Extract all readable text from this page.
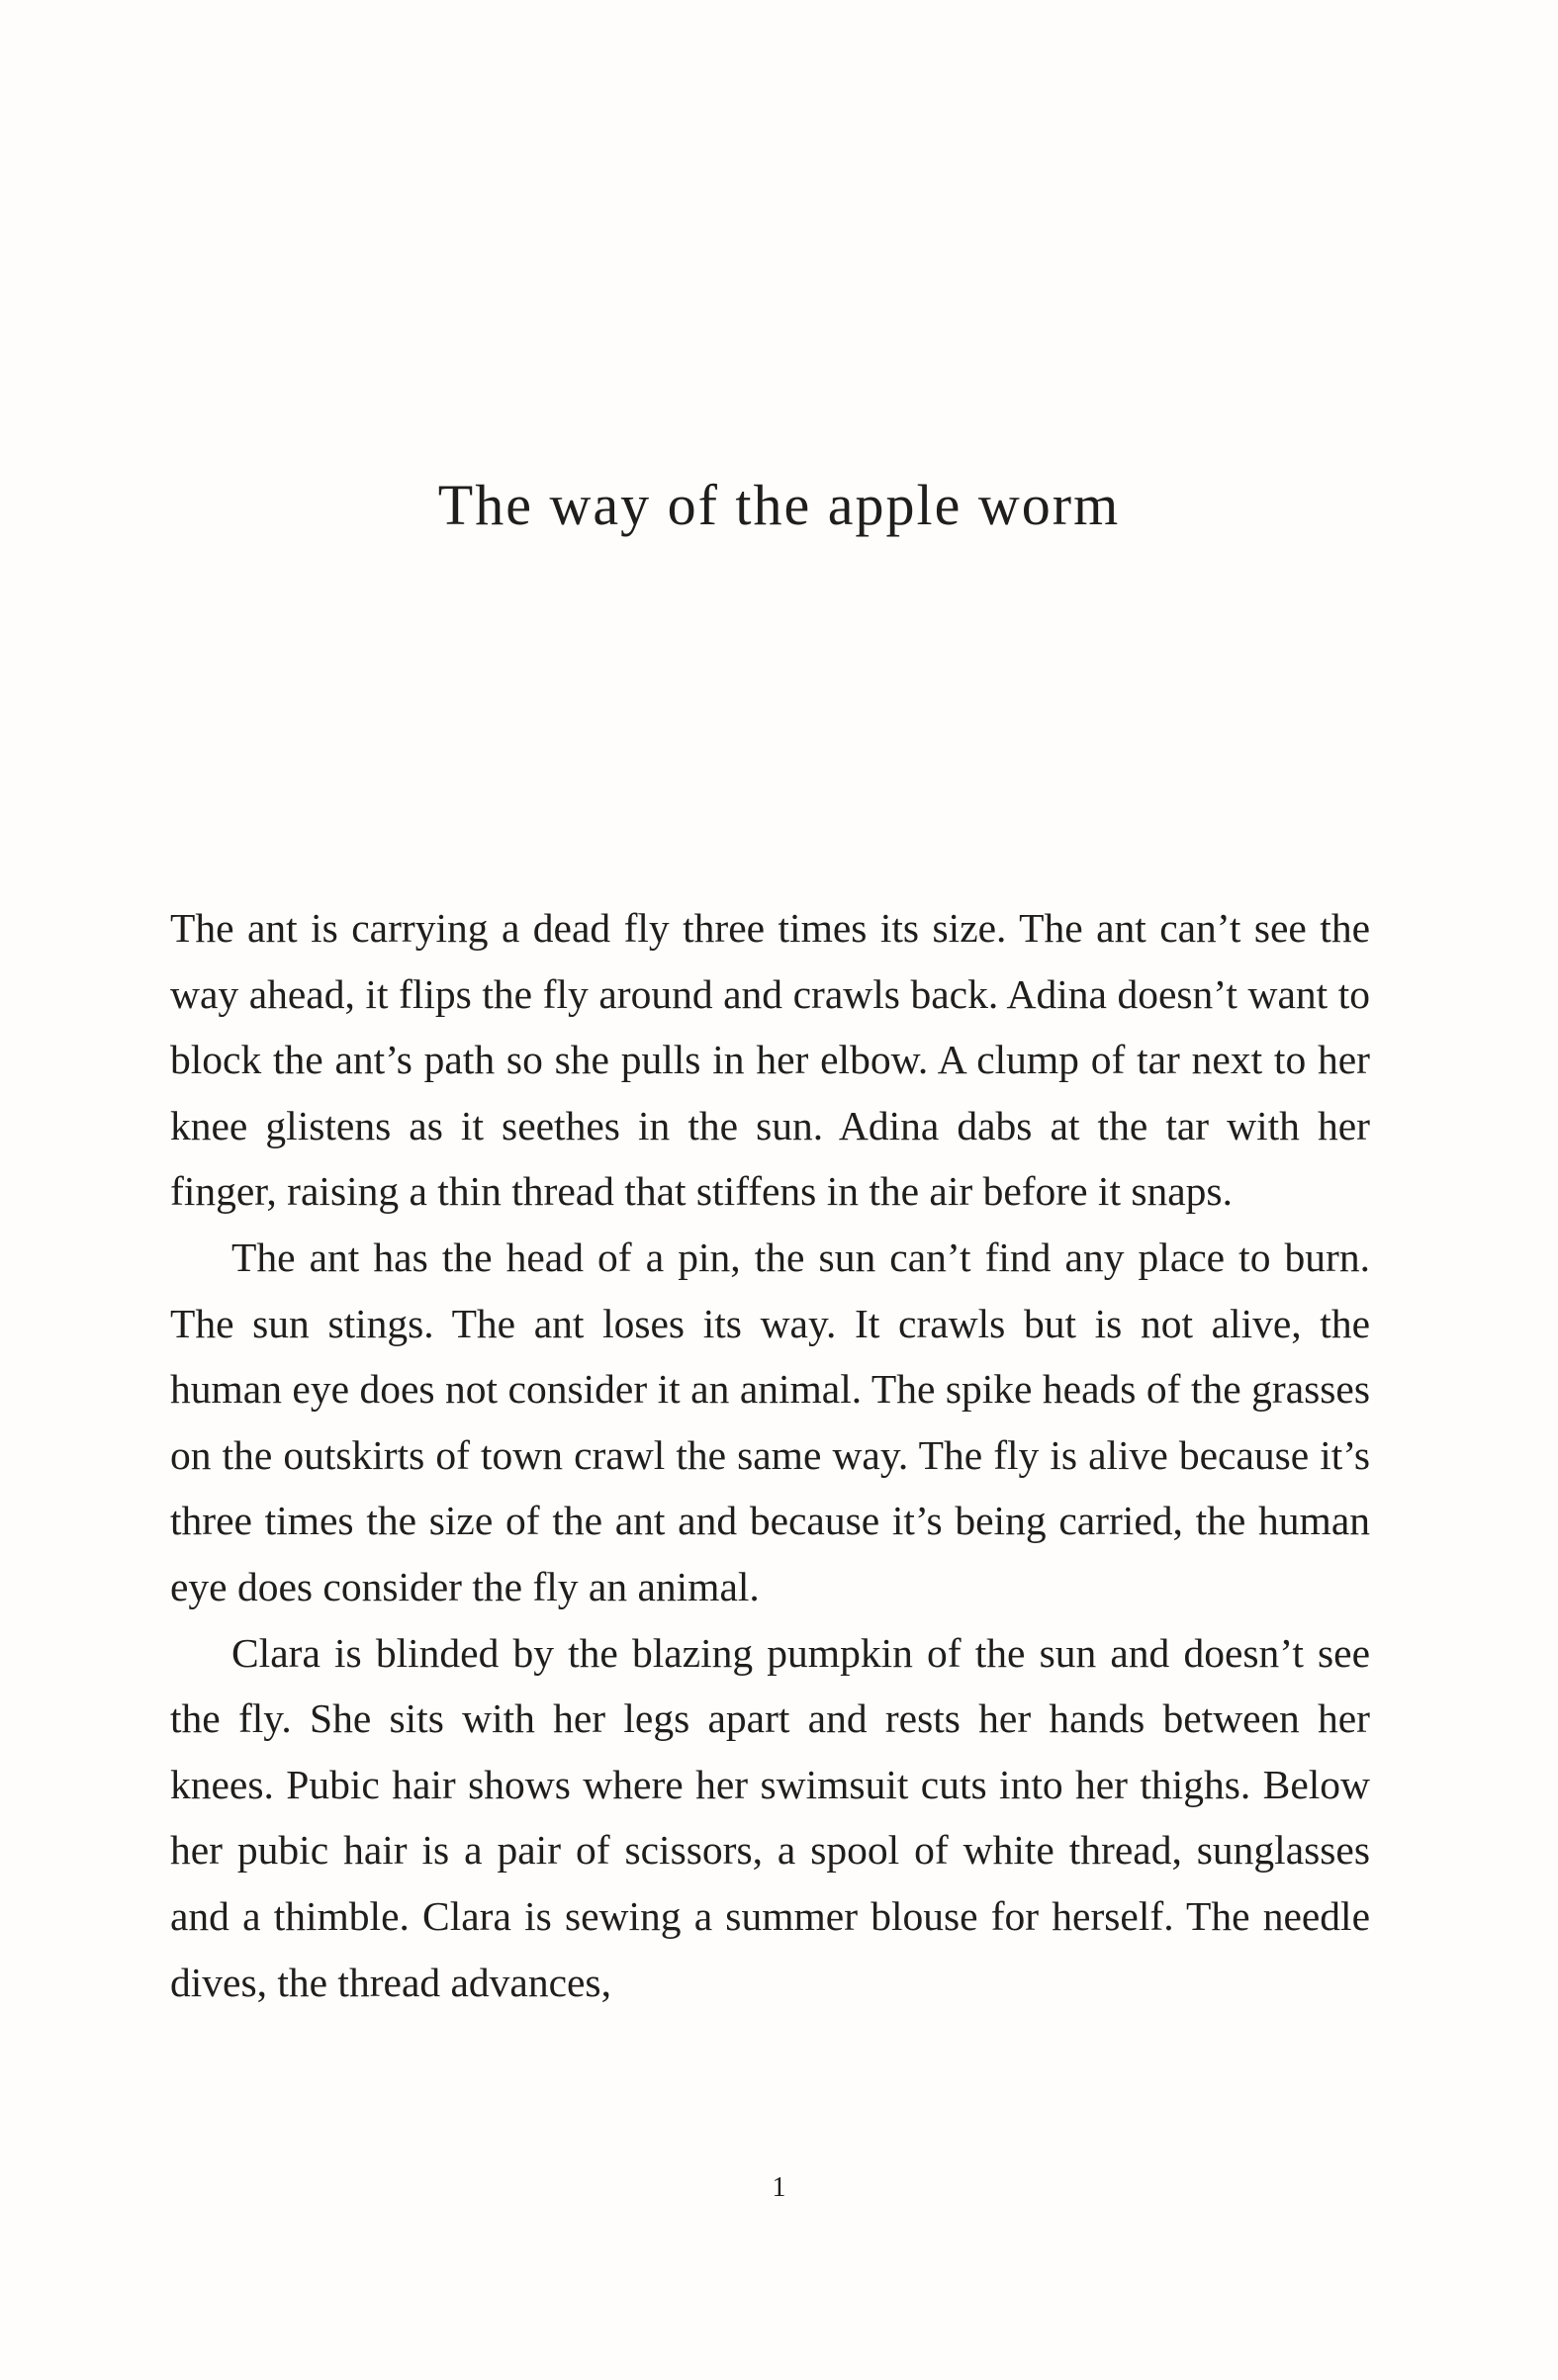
The way of the apple worm

The ant is carrying a dead fly three times its size. The ant can’t see the way ahead, it flips the fly around and crawls back. Adina doesn’t want to block the ant’s path so she pulls in her elbow. A clump of tar next to her knee glistens as it seethes in the sun. Adina dabs at the tar with her finger, raising a thin thread that stiffens in the air before it snaps.

The ant has the head of a pin, the sun can’t find any place to burn. The sun stings. The ant loses its way. It crawls but is not alive, the human eye does not consider it an animal. The spike heads of the grasses on the outskirts of town crawl the same way. The fly is alive because it’s three times the size of the ant and because it’s being carried, the human eye does consider the fly an animal.

Clara is blinded by the blazing pumpkin of the sun and doesn’t see the fly. She sits with her legs apart and rests her hands between her knees. Pubic hair shows where her swimsuit cuts into her thighs. Below her pubic hair is a pair of scissors, a spool of white thread, sunglasses and a thimble. Clara is sewing a summer blouse for herself. The needle dives, the thread advances,

1
